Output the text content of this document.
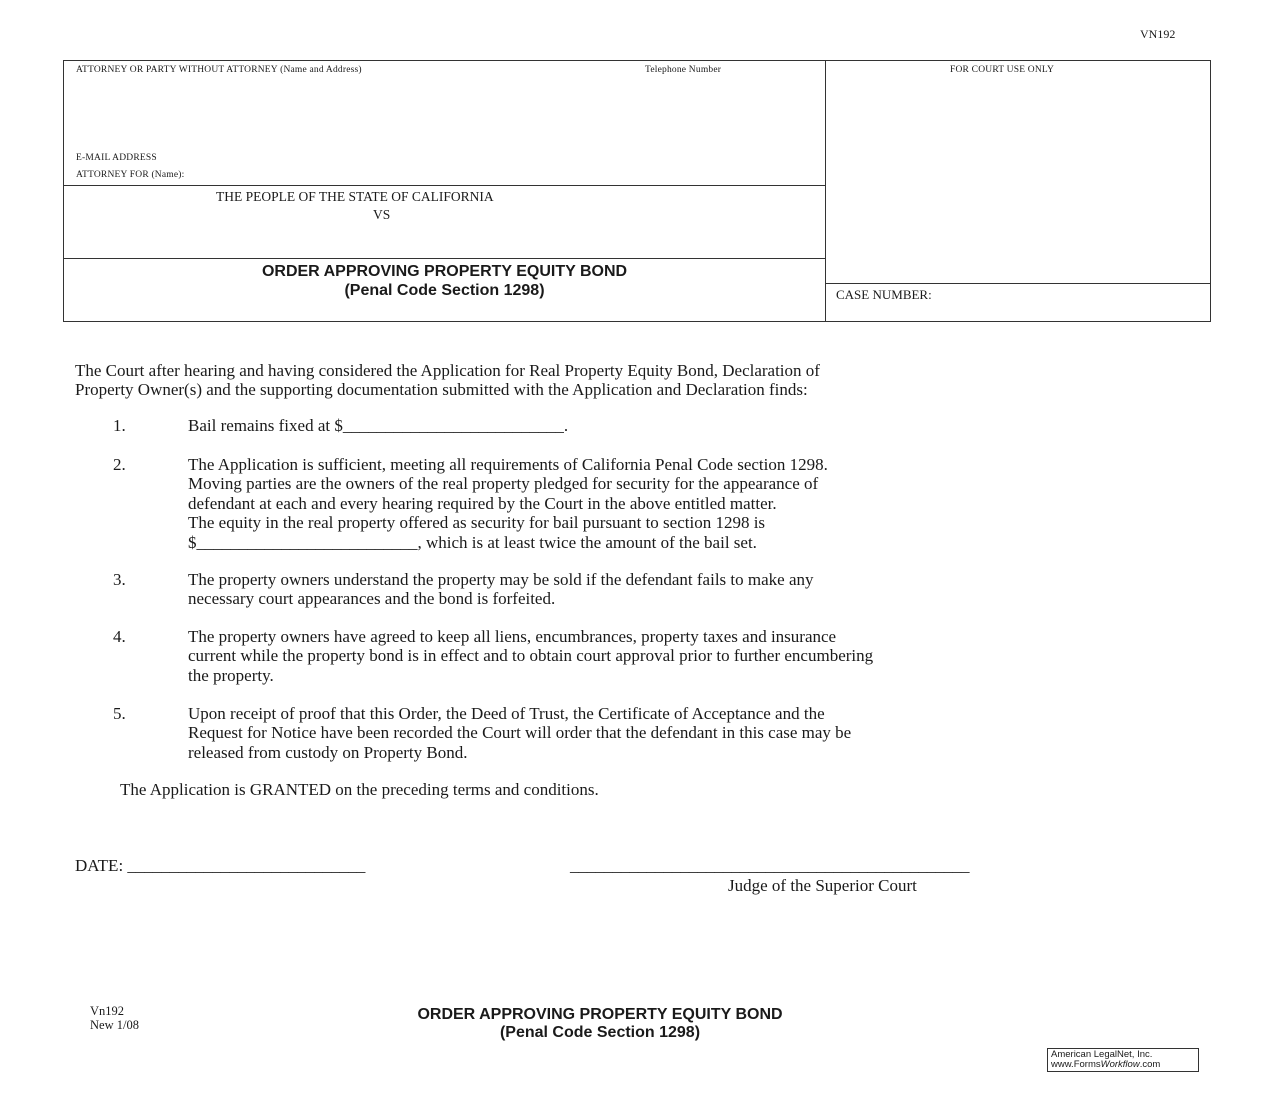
VN192
ATTORNEY OR PARTY WITHOUT ATTORNEY (Name and Address)	Telephone Number	FOR COURT USE ONLY
E-MAIL ADDRESS
ATTORNEY FOR (Name):
THE PEOPLE OF THE STATE OF CALIFORNIA
VS
ORDER APPROVING PROPERTY EQUITY BOND
(Penal Code Section 1298)	CASE NUMBER:
The Court after hearing and having considered the Application for Real Property Equity Bond, Declaration of
Property Owner(s) and the supporting documentation submitted with the Application and Declaration finds:
1.	Bail remains fixed at $__________________________.
2.	The Application is sufficient, meeting all requirements of California Penal Code section 1298.
Moving parties are the owners of the real property pledged for security for the appearance of
defendant at each and every hearing required by the Court in the above entitled matter.
The equity in the real property offered as security for bail pursuant to section 1298 is
$__________________________, which is at least twice the amount of the bail set.
3.	The property owners understand the property may be sold if the defendant fails to make any
necessary court appearances and the bond is forfeited.
4.	The property owners have agreed to keep all liens, encumbrances, property taxes and insurance
current while the property bond is in effect and to obtain court approval prior to further encumbering
the property.
5.	Upon receipt of proof that this Order, the Deed of Trust, the Certificate of Acceptance and the
Request for Notice have been recorded the Court will order that the defendant in this case may be
released from custody on Property Bond.
The Application is GRANTED on the preceding terms and conditions.
DATE: ____________________________	_______________________________________________
Judge of the Superior Court
Vn192
New 1/08
ORDER APPROVING PROPERTY EQUITY BOND
(Penal Code Section 1298)
American LegalNet, Inc.
www.FormsWorkflow.com
